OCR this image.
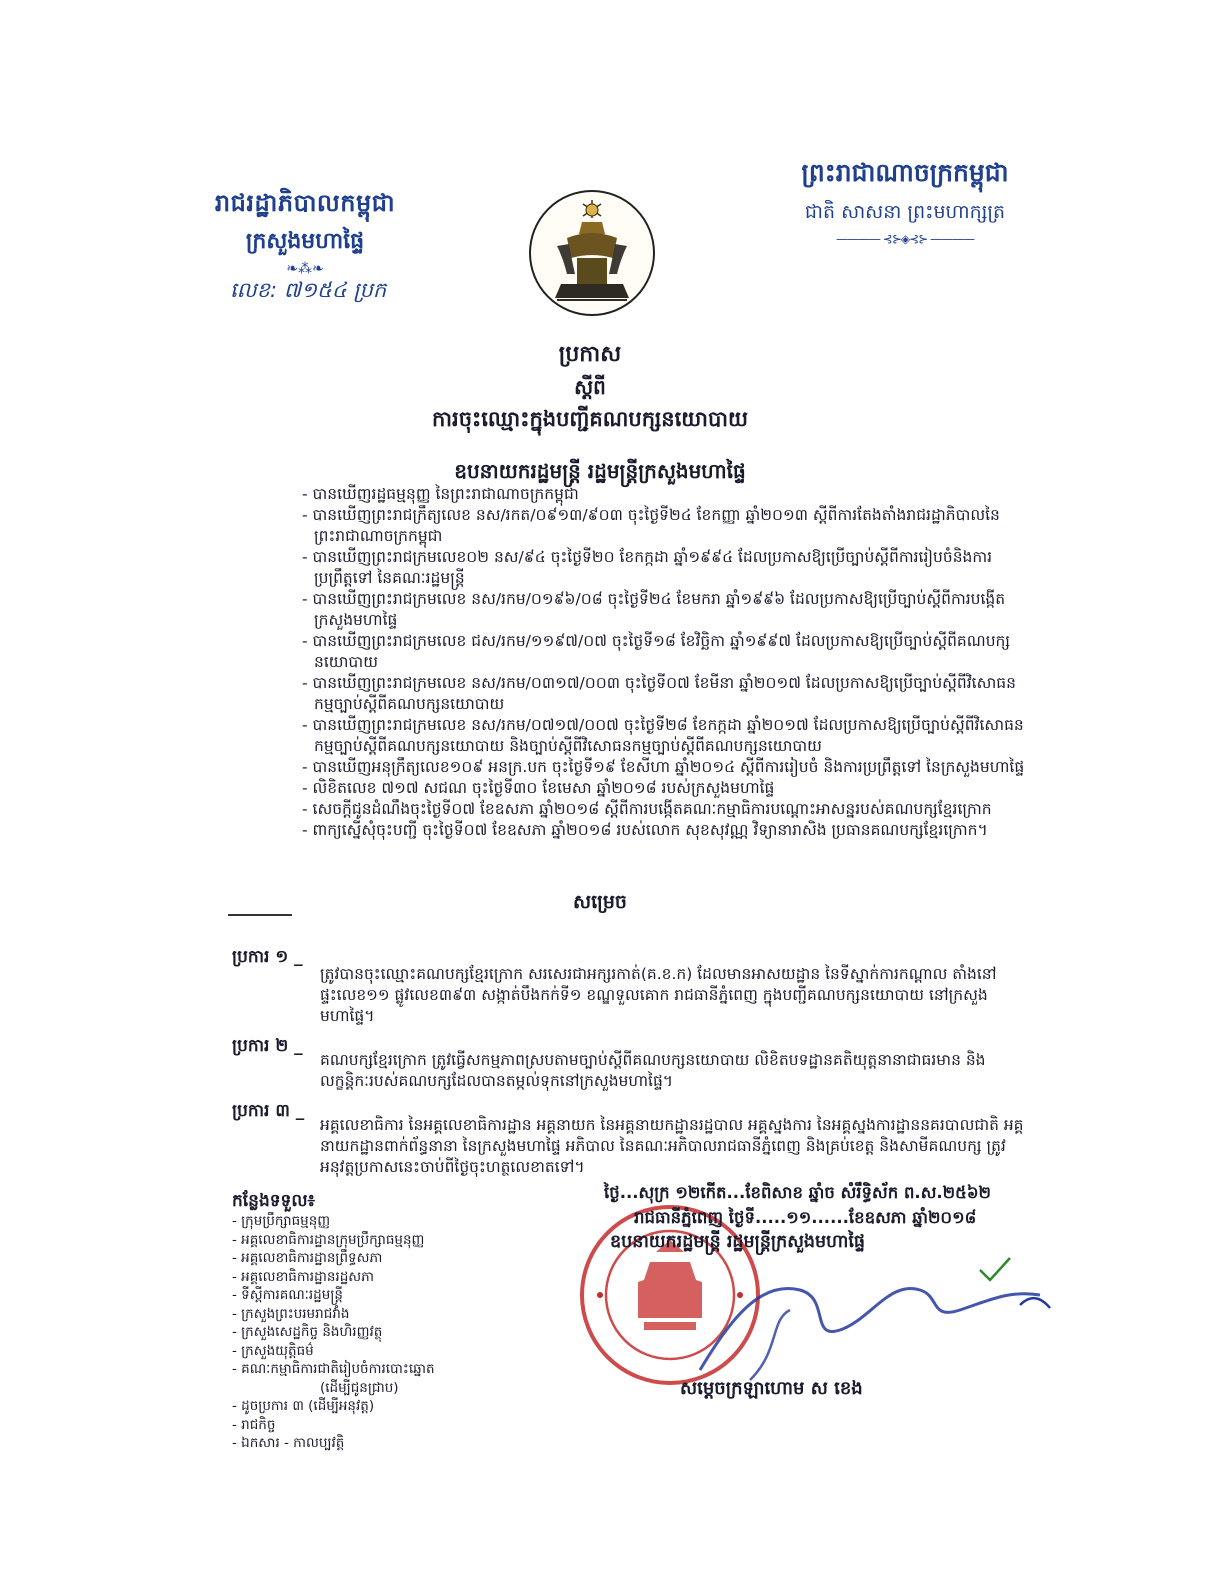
រាជរដ្ឋាភិបាលកម្ពុជា
ក្រសួងមហាផ្ទៃ
❧⁂❧
លេខ: ៧១៥៤ ប្រក
ព្រះរាជាណាចក្រកម្ពុជា
ជាតិ សាសនា ព្រះមហាក្សត្រ
———— ⊰⊱◈⊰⊱ ————
ប្រកាស
ស្តីពី
ការចុះឈ្មោះក្នុងបញ្ជីគណបក្សនយោបាយ
ឧបនាយករដ្ឋមន្ត្រី រដ្ឋមន្ត្រីក្រសួងមហាផ្ទៃ
- បានឃើញរដ្ឋធម្មនុញ្ញ នៃព្រះរាជាណាចក្រកម្ពុជា
- បានឃើញព្រះរាជក្រឹត្យលេខ នស/រកត/០៩១៣/៩០៣ ចុះថ្ងៃទី២៤ ខែកញ្ញា ឆ្នាំ២០១៣ ស្តីពីការតែងតាំងរាជរដ្ឋាភិបាលនៃព្រះរាជាណាចក្រកម្ពុជា
- បានឃើញព្រះរាជក្រមលេខ០២ នស/៩៤ ចុះថ្ងៃទី២០ ខែកក្កដា ឆ្នាំ១៩៩៤ ដែលប្រកាសឱ្យប្រើច្បាប់ស្តីពីការរៀបចំនិងការប្រព្រឹត្តទៅ នៃគណៈរដ្ឋមន្ត្រី
- បានឃើញព្រះរាជក្រមលេខ នស/រកម/០១៩៦/០៨ ចុះថ្ងៃទី២៤ ខែមករា ឆ្នាំ១៩៩៦ ដែលប្រកាសឱ្យប្រើច្បាប់ស្តីពីការបង្កើតក្រសួងមហាផ្ទៃ
- បានឃើញព្រះរាជក្រមលេខ ជស/រកម/១១៩៧/០៧ ចុះថ្ងៃទី១៨ ខែវិច្ឆិកា ឆ្នាំ១៩៩៧ ដែលប្រកាសឱ្យប្រើច្បាប់ស្តីពីគណបក្សនយោបាយ
- បានឃើញព្រះរាជក្រមលេខ នស/រកម/០៣១៧/០០៣ ចុះថ្ងៃទី០៧ ខែមីនា ឆ្នាំ២០១៧ ដែលប្រកាសឱ្យប្រើច្បាប់ស្តីពីវិសោធនកម្មច្បាប់ស្តីពីគណបក្សនយោបាយ
- បានឃើញព្រះរាជក្រមលេខ នស/រកម/០៧១៧/០០៧ ចុះថ្ងៃទី២៨ ខែកក្កដា ឆ្នាំ២០១៧ ដែលប្រកាសឱ្យប្រើច្បាប់ស្តីពីវិសោធនកម្មច្បាប់ស្តីពីគណបក្សនយោបាយ និងច្បាប់ស្តីពីវិសោធនកម្មច្បាប់ស្តីពីគណបក្សនយោបាយ
- បានឃើញអនុក្រឹត្យលេខ១០៩ អនក្រ.បក ចុះថ្ងៃទី១៩ ខែសីហា ឆ្នាំ២០១៤ ស្តីពីការរៀបចំ និងការប្រព្រឹត្តទៅ នៃក្រសួងមហាផ្ទៃ
- លិខិតលេខ ៧១៧ សជណ ចុះថ្ងៃទី៣០ ខែមេសា ឆ្នាំ២០១៨ របស់ក្រសួងមហាផ្ទៃ
- សេចក្តីជូនដំណឹងចុះថ្ងៃទី០៧ ខែឧសភា ឆ្នាំ២០១៨ ស្តីពីការបង្កើតគណៈកម្មាធិការបណ្តោះអាសន្នរបស់គណបក្សខ្មែរក្រោក
- ពាក្យស្នើសុំចុះបញ្ជី ចុះថ្ងៃទី០៧ ខែឧសភា ឆ្នាំ២០១៨ របស់លោក សុខសុវណ្ណ វិទ្យានារាសិង ប្រធានគណបក្សខ្មែរក្រោក។
សម្រេច
ប្រការ ១ _
ត្រូវបានចុះឈ្មោះគណបក្សខ្មែរក្រោក សរសេរជាអក្សរកាត់(គ.ខ.ក) ដែលមានអាសយដ្ឋាន នៃទីស្នាក់ការកណ្តាល តាំងនៅផ្ទះលេខ១១ ផ្លូវលេខ៣៩៣ សង្កាត់បឹងកក់ទី១ ខណ្ឌទួលគោក រាជធានីភ្នំពេញ ក្នុងបញ្ជីគណបក្សនយោបាយ នៅក្រសួងមហាផ្ទៃ។
ប្រការ ២ _
គណបក្សខ្មែរក្រោក ត្រូវធ្វើសកម្មភាពស្របតាមច្បាប់ស្តីពីគណបក្សនយោបាយ លិខិតបទដ្ឋានគតិយុត្តនានាជាធរមាន និងលក្ខន្តិកៈរបស់គណបក្សដែលបានតម្កល់ទុកនៅក្រសួងមហាផ្ទៃ។
ប្រការ ៣ _
អគ្គលេខាធិការ នៃអគ្គលេខាធិការដ្ឋាន អគ្គនាយក នៃអគ្គនាយកដ្ឋានរដ្ឋបាល អគ្គស្នងការ នៃអគ្គស្នងការដ្ឋាននគរបាលជាតិ អគ្គនាយកដ្ឋានពាក់ព័ន្ធនានា នៃក្រសួងមហាផ្ទៃ អភិបាល នៃគណៈអភិបាលរាជធានីភ្នំពេញ និងគ្រប់ខេត្ត និងសាមីគណបក្ស ត្រូវអនុវត្តប្រកាសនេះចាប់ពីថ្ងៃចុះហត្ថលេខាតទៅ។
ថ្ងៃ...សុក្រ ១២កើត...ខែពិសាខ ឆ្នាំច សំរឹទ្ធិស័ក ព.ស.២៥៦២
រាជធានីភ្នំពេញ ថ្ងៃទី.....១១......ខែឧសភា ឆ្នាំ២០១៨
ឧបនាយករដ្ឋមន្ត្រី រដ្ឋមន្ត្រីក្រសួងមហាផ្ទៃ
សម្តេចក្រឡាហោម ស ខេង
កន្លែងទទួល៖
- ក្រុមប្រឹក្សាធម្មនុញ្ញ
- អគ្គលេខាធិការដ្ឋានក្រុមប្រឹក្សាធម្មនុញ្ញ
- អគ្គលេខាធិការដ្ឋានព្រឹទ្ធសភា
- អគ្គលេខាធិការដ្ឋានរដ្ឋសភា
- ទីស្តីការគណៈរដ្ឋមន្ត្រី
- ក្រសួងព្រះបរមរាជវាំង
- ក្រសួងសេដ្ឋកិច្ច និងហិរញ្ញវត្ថុ
- ក្រសួងយុត្តិធម៌
- គណៈកម្មាធិការជាតិរៀបចំការបោះឆ្នោត
(ដើម្បីជូនជ្រាប)
- ដូចប្រការ ៣ (ដើម្បីអនុវត្ត)
- រាជកិច្ច
- ឯកសារ - កាលប្បវត្តិ
